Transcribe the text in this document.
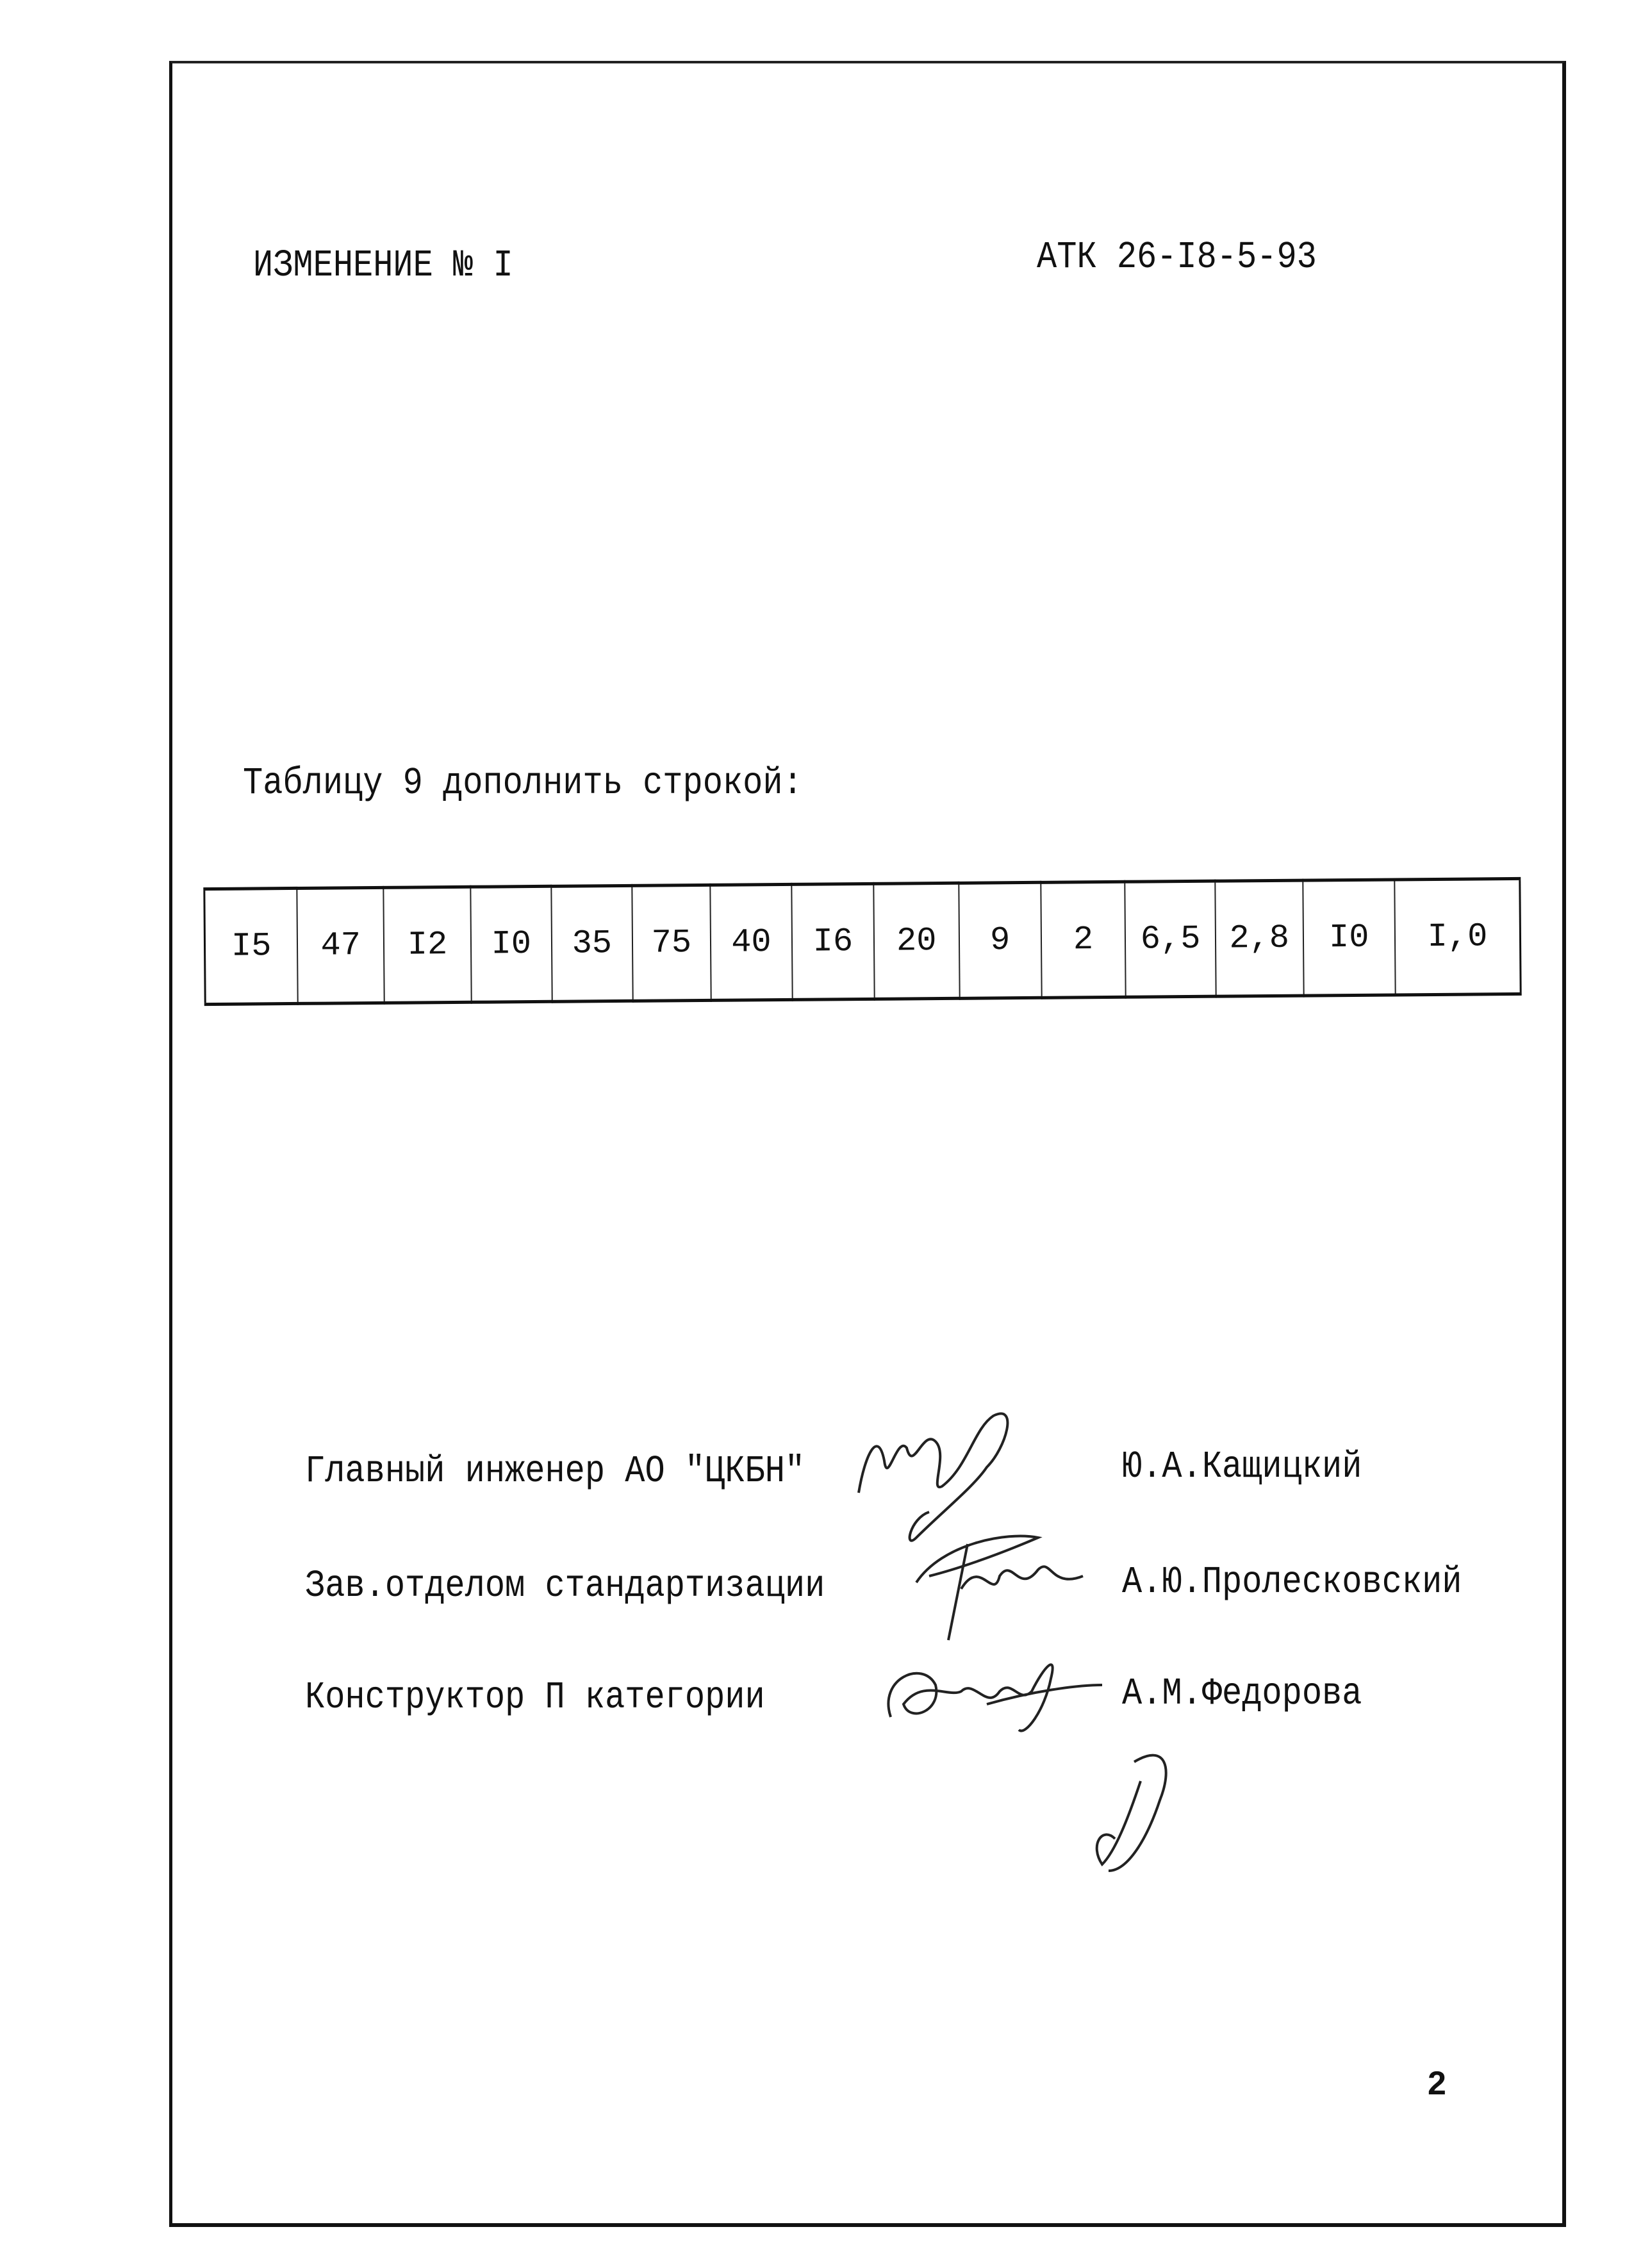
ИЗМЕНЕНИЕ № I	АТК 26-I8-5-93
Таблицу 9 дополнить строкой:
I5	47	I2	I0	35	75	40	I6	20	9	2	6,5	2,8	I0	I,0
Главный инженер АО "ЦКБН"	Ю.А.Кащицкий
Зав.отделом стандартизации	А.Ю.Пролесковский
Конструктор П категории	А.М.Федорова
2
